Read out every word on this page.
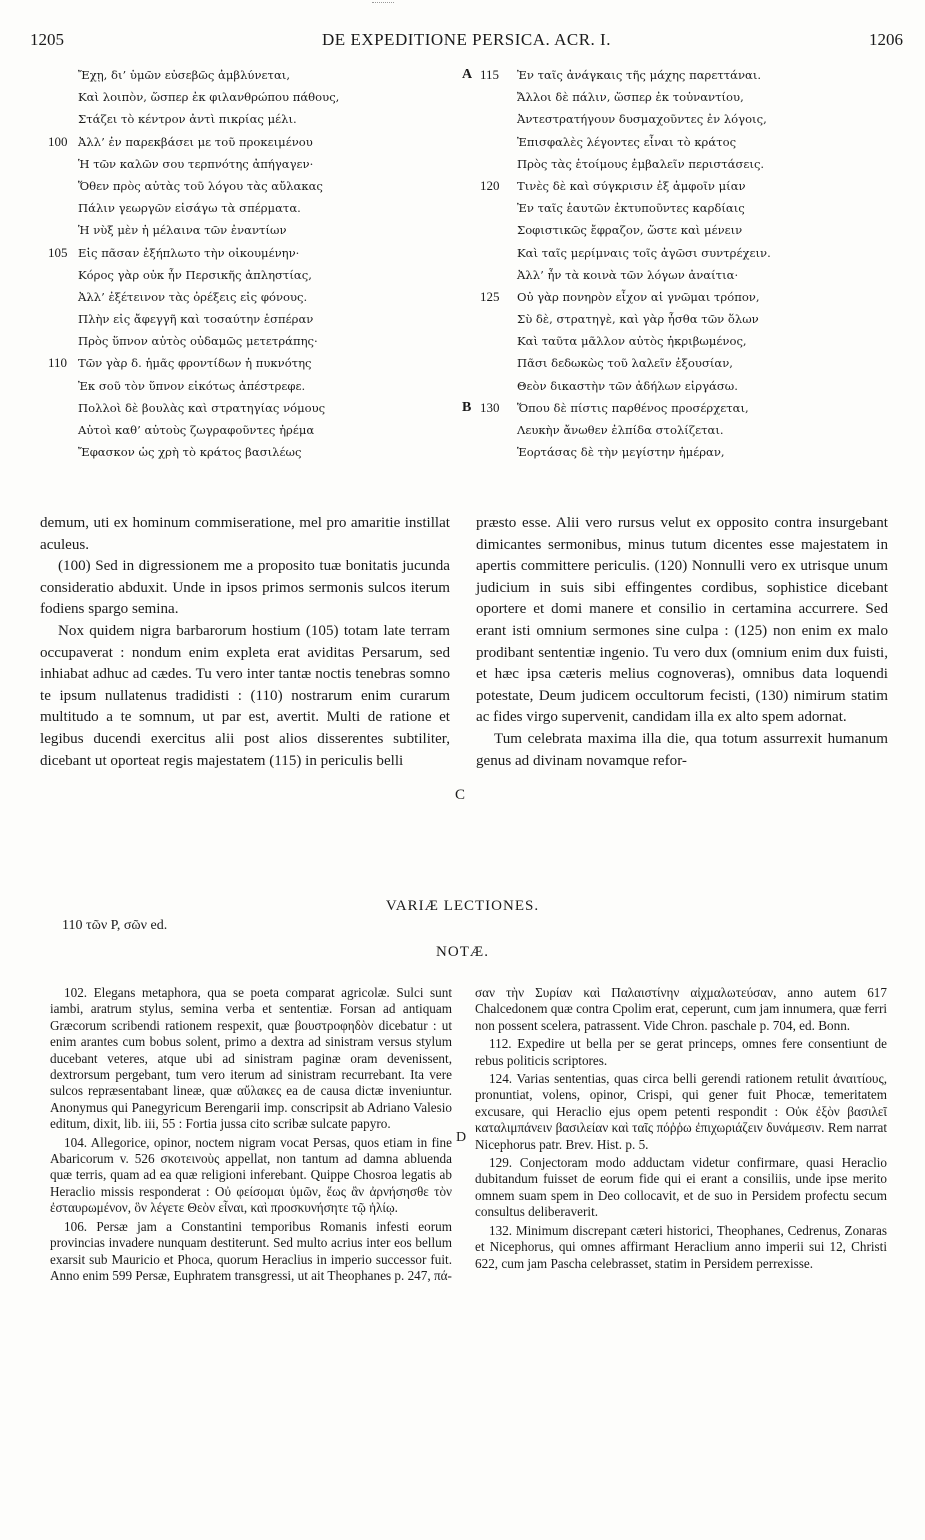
1205	DE EXPEDITIONE PERSICA. ACR. I.	1206
Ἔχῃ, δι’ ὑμῶν εὐσεβῶς ἀμβλύνεται,
Καὶ λοιπὸν, ὥσπερ ἐκ φιλανθρώπου πάθους,
Στάζει τὸ κέντρον ἀντὶ πικρίας μέλι.
100 Ἀλλ’ ἐν παρεκβάσει με τοῦ προκειμένου
Ἡ τῶν καλῶν σου τερπνότης ἀπήγαγεν·
Ὅθεν πρὸς αὐτὰς τοῦ λόγου τὰς αὔλακας
Πάλιν γεωργῶν εἰσάγω τὰ σπέρματα.
Ἡ νὺξ μὲν ἡ μέλαινα τῶν ἐναντίων
105 Εἰς πᾶσαν ἐξήπλωτο τὴν οἰκουμένην·
Κόρος γὰρ οὐκ ἦν Περσικῆς ἀπληστίας,
Ἀλλ’ ἐξέτεινον τὰς ὀρέξεις εἰς φόνους.
Πλὴν εἰς ἄφεγγῆ καὶ τοσαύτην ἑσπέραν
Πρὸς ὕπνον αὐτὸς οὐδαμῶς μετετράπης·
110 Τῶν γὰρ δ. ἡμᾶς φροντίδων ἡ πυκνότης
Ἐκ σοῦ τὸν ὕπνον εἰκότως ἀπέστρεφε.
Πολλοὶ δὲ βουλὰς καὶ στρατηγίας νόμους
Αὐτοὶ καθ’ αὐτοὺς ζωγραφοῦντες ἠρέμα
Ἔφασκον ὡς χρὴ τὸ κράτος βασιλέως
A 115 Ἐν ταῖς ἀνάγκαις τῆς μάχης παρεττάναι.
Ἄλλοι δὲ πάλιν, ὥσπερ ἐκ τοὐναντίου,
Ἀντεστρατήγουν δυσμαχοῦντες ἐν λόγοις,
Ἐπισφαλὲς λέγοντες εἶναι τὸ κράτος
Πρὸς τὰς ἑτοίμους ἐμβαλεῖν περιστάσεις.
120 Τινὲς δὲ καὶ σύγκρισιν ἐξ ἀμφοῖν μίαν
Ἐν ταῖς ἑαυτῶν ἐκτυποῦντες καρδίαις
Σοφιστικῶς ἔφραζον, ὥστε καὶ μένειν
Καὶ ταῖς μερίμναις τοῖς ἀγῶσι συντρέχειν.
Ἀλλ’ ἦν τὰ κοινὰ τῶν λόγων ἀναίτια·
125 Οὐ γὰρ πονηρὸν εἶχον αἱ γνῶμαι τρόπον,
Σὺ δὲ, στρατηγὲ, καὶ γὰρ ἦσθα τῶν ὅλων
Καὶ ταῦτα μᾶλλον αὐτὸς ἠκριβωμένος,
Πᾶσι δεδωκὼς τοῦ λαλεῖν ἐξουσίαν,
Θεὸν δικαστὴν τῶν ἀδήλων εἰργάσω.
B 130 Ὅπου δὲ πίστις παρθένος προσέρχεται,
Λευκὴν ἄνωθεν ἐλπίδα στολίζεται.
Ἑορτάσας δὲ τὴν μεγίστην ἡμέραν,

demum, uti ex hominum commiseratione, mel pro amaritie instillat aculeus.

(100) Sed in digressionem me a proposito tuæ bonitatis jucunda consideratio abduxit. Unde in ipsos primos sermonis sulcos iterum fodiens spargo semina.

Nox quidem nigra barbarorum hostium (105) totam late terram occupaverat : nondum enim expleta erat aviditas Persarum, sed inhiabat adhuc ad cædes. Tu vero inter tantæ noctis tenebras somno te ipsum nullatenus tradidisti : (110) nostrarum enim curarum multitudo a te somnum, ut par est, avertit. Multi de ratione et legibus ducendi exercitus alii post alios disserentes subtiliter, dicebant ut oporteat regis majestatem (115) in periculis belli

præsto esse. Alii vero rursus velut ex opposito contra insurgebant dimicantes sermonibus, minus tutum dicentes esse majestatem in apertis committere periculis. (120) Nonnulli vero ex utrisque unum judicium in suis sibi effingentes cordibus, sophistice dicebant oportere et domi manere et consilio in certamina accurrere. Sed erant isti omnium sermones sine culpa : (125) non enim ex malo prodibant sententiæ ingenio. Tu vero dux (omnium enim dux fuisti, et hæc ipsa cæteris melius cognoveras), omnibus data loquendi potestate, Deum judicem occultorum fecisti, (130) nimirum statim ac fides virgo supervenit, candidam illa ex alto spem adornat.

Tum celebrata maxima illa die, qua totum assurrexit humanum genus ad divinam novamque refor-

C
VARIÆ LECTIONES.
110 τῶν P, σῶν ed.
NOTÆ.

102. Elegans metaphora, qua se poeta comparat agricolæ. Sulci sunt iambi, aratrum stylus, semina verba et sententiæ. Forsan ad antiquam Græcorum scribendi rationem respexit, quæ βουστροφηδὸν dicebatur : ut enim arantes cum bobus solent, primo a dextra ad sinistram versus stylum ducebant veteres, atque ubi ad sinistram paginæ oram devenissent, dextrorsum pergebant, tum vero iterum ad sinistram recurrebant. Ita vere sulcos repræsentabant lineæ, quæ αὔλακες ea de causa dictæ inveniuntur. Anonymus qui Panegyricum Berengarii imp. conscripsit ab Adriano Valesio editum, dixit, lib. iii, 55 : Fortia jussa cito scribæ sulcate papyro.

104. Allegorice, opinor, noctem nigram vocat Persas, quos etiam in fine Abaricorum v. 526 σκοτεινοὺς appellat, non tantum ad damna abluenda quæ terris, quam ad ea quæ religioni inferebant. Quippe Chosroa legatis ab Heraclio missis responderat : Οὐ φείσομαι ὑμῶν, ἕως ἂν ἀρνήσησθε τὸν ἐσταυρωμένον, ὃν λέγετε Θεὸν εἶναι, καὶ προσκυνήσητε τῷ ἡλίῳ.

106. Persæ jam a Constantini temporibus Romanis infesti eorum provincias invadere nunquam destiterunt. Sed multo acrius inter eos bellum exarsit sub Mauricio et Phoca, quorum Heraclius in imperio successor fuit. Anno enim 599 Persæ, Euphratem transgressi, ut ait Theophanes p. 247, πά-

σαν τὴν Συρίαν καὶ Παλαιστίνην αἰχμαλωτεύσαν, anno autem 617 Chalcedonem quæ contra Cpolim erat, ceperunt, cum jam innumera, quæ ferri non possent scelera, patrassent. Vide Chron. paschale p. 704, ed. Bonn.

112. Expedire ut bella per se gerat princeps, omnes fere consentiunt de rebus politicis scriptores.

124. Varias sententias, quas circa belli gerendi rationem retulit ἀναιτίους, pronuntiat, volens, opinor, Crispi, qui gener fuit Phocæ, temeritatem excusare, qui Heraclio ejus opem petenti respondit : Οὐκ ἐξὸν βασιλεῖ καταλιμπάνειν βασιλείαν καὶ ταῖς πόῤῥω ἐπιχωριάζειν δυνάμεσιν. Rem narrat Nicephorus patr. Brev. Hist. p. 5.

129. Conjectoram modo adductam videtur confirmare, quasi Heraclio dubitandum fuisset de eorum fide qui ei erant a consiliis, unde ipse merito omnem suam spem in Deo collocavit, et de suo in Persidem profectu secum consultus deliberaverit.

132. Minimum discrepant cæteri historici, Theophanes, Cedrenus, Zonaras et Nicephorus, qui omnes affirmant Heraclium anno imperii sui 12, Christi 622, cum jam Pascha celebrasset, statim in Persidem perrexisse.

D
